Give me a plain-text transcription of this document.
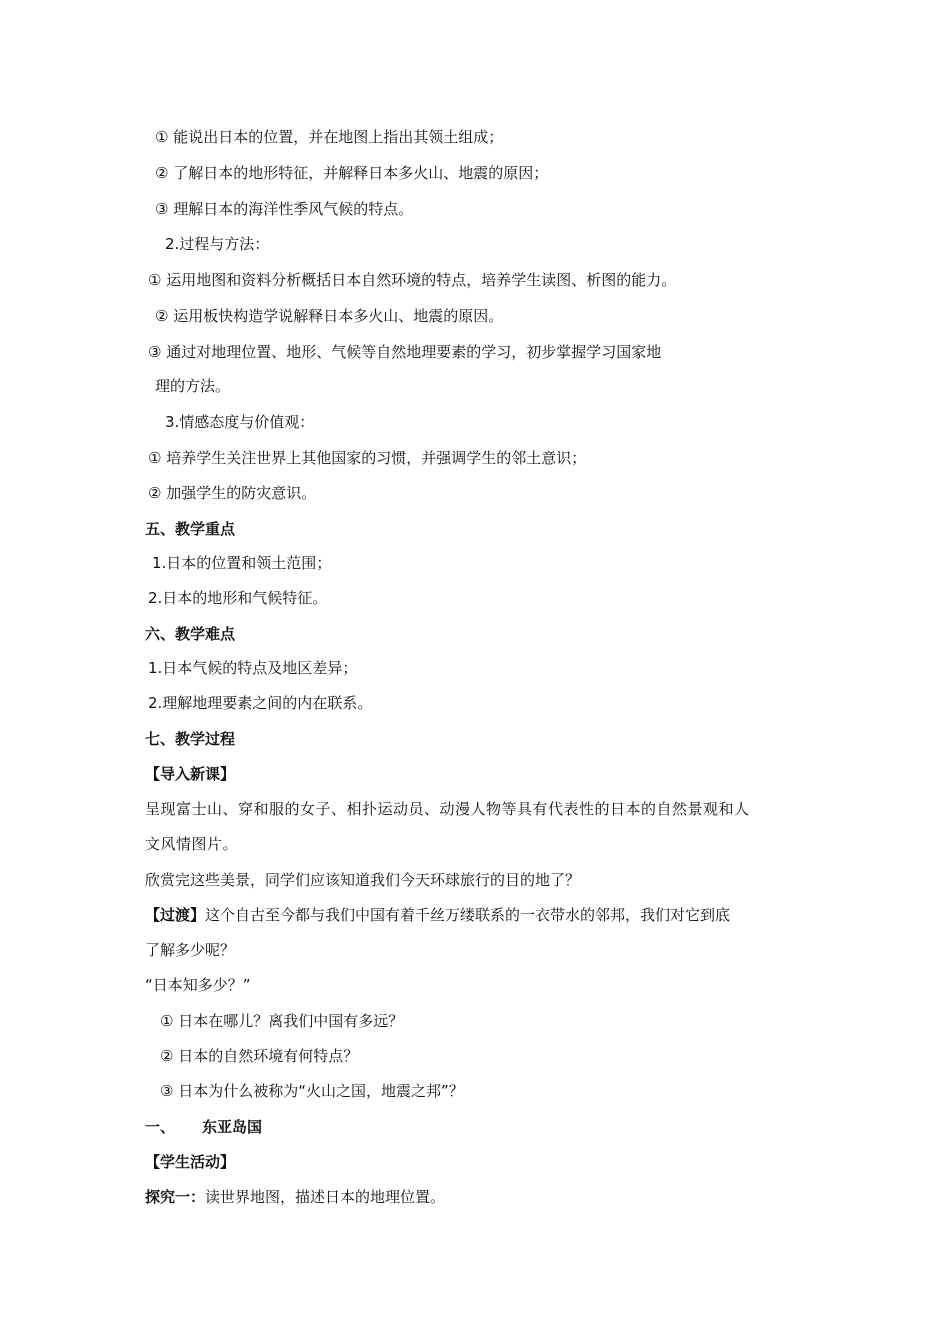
① 能说出日本的位置，并在地图上指出其领土组成；
② 了解日本的地形特征，并解释日本多火山、地震的原因；
③ 理解日本的海洋性季风气候的特点。
2.过程与方法：
① 运用地图和资料分析概括日本自然环境的特点，培养学生读图、析图的能力。
② 运用板快构造学说解释日本多火山、地震的原因。
③ 通过对地理位置、地形、气候等自然地理要素的学习，初步掌握学习国家地
理的方法。
3.情感态度与价值观：
① 培养学生关注世界上其他国家的习惯，并强调学生的邻土意识；
② 加强学生的防灾意识。
五、教学重点
1.日本的位置和领土范围；
2.日本的地形和气候特征。
六、教学难点
1.日本气候的特点及地区差异；
2.理解地理要素之间的内在联系。
七、教学过程
【导入新课】
呈现富士山、穿和服的女子、相扑运动员、动漫人物等具有代表性的日本的自然景观和人
文风情图片。
欣赏完这些美景，同学们应该知道我们今天环球旅行的目的地了？
【过渡】这个自古至今都与我们中国有着千丝万缕联系的一衣带水的邻邦，我们对它到底
了解多少呢？
“日本知多少？”
① 日本在哪儿？离我们中国有多远？
② 日本的自然环境有何特点？
③ 日本为什么被称为“火山之国，地震之邦”？
一、 东亚岛国
【学生活动】
探究一：读世界地图，描述日本的地理位置。
